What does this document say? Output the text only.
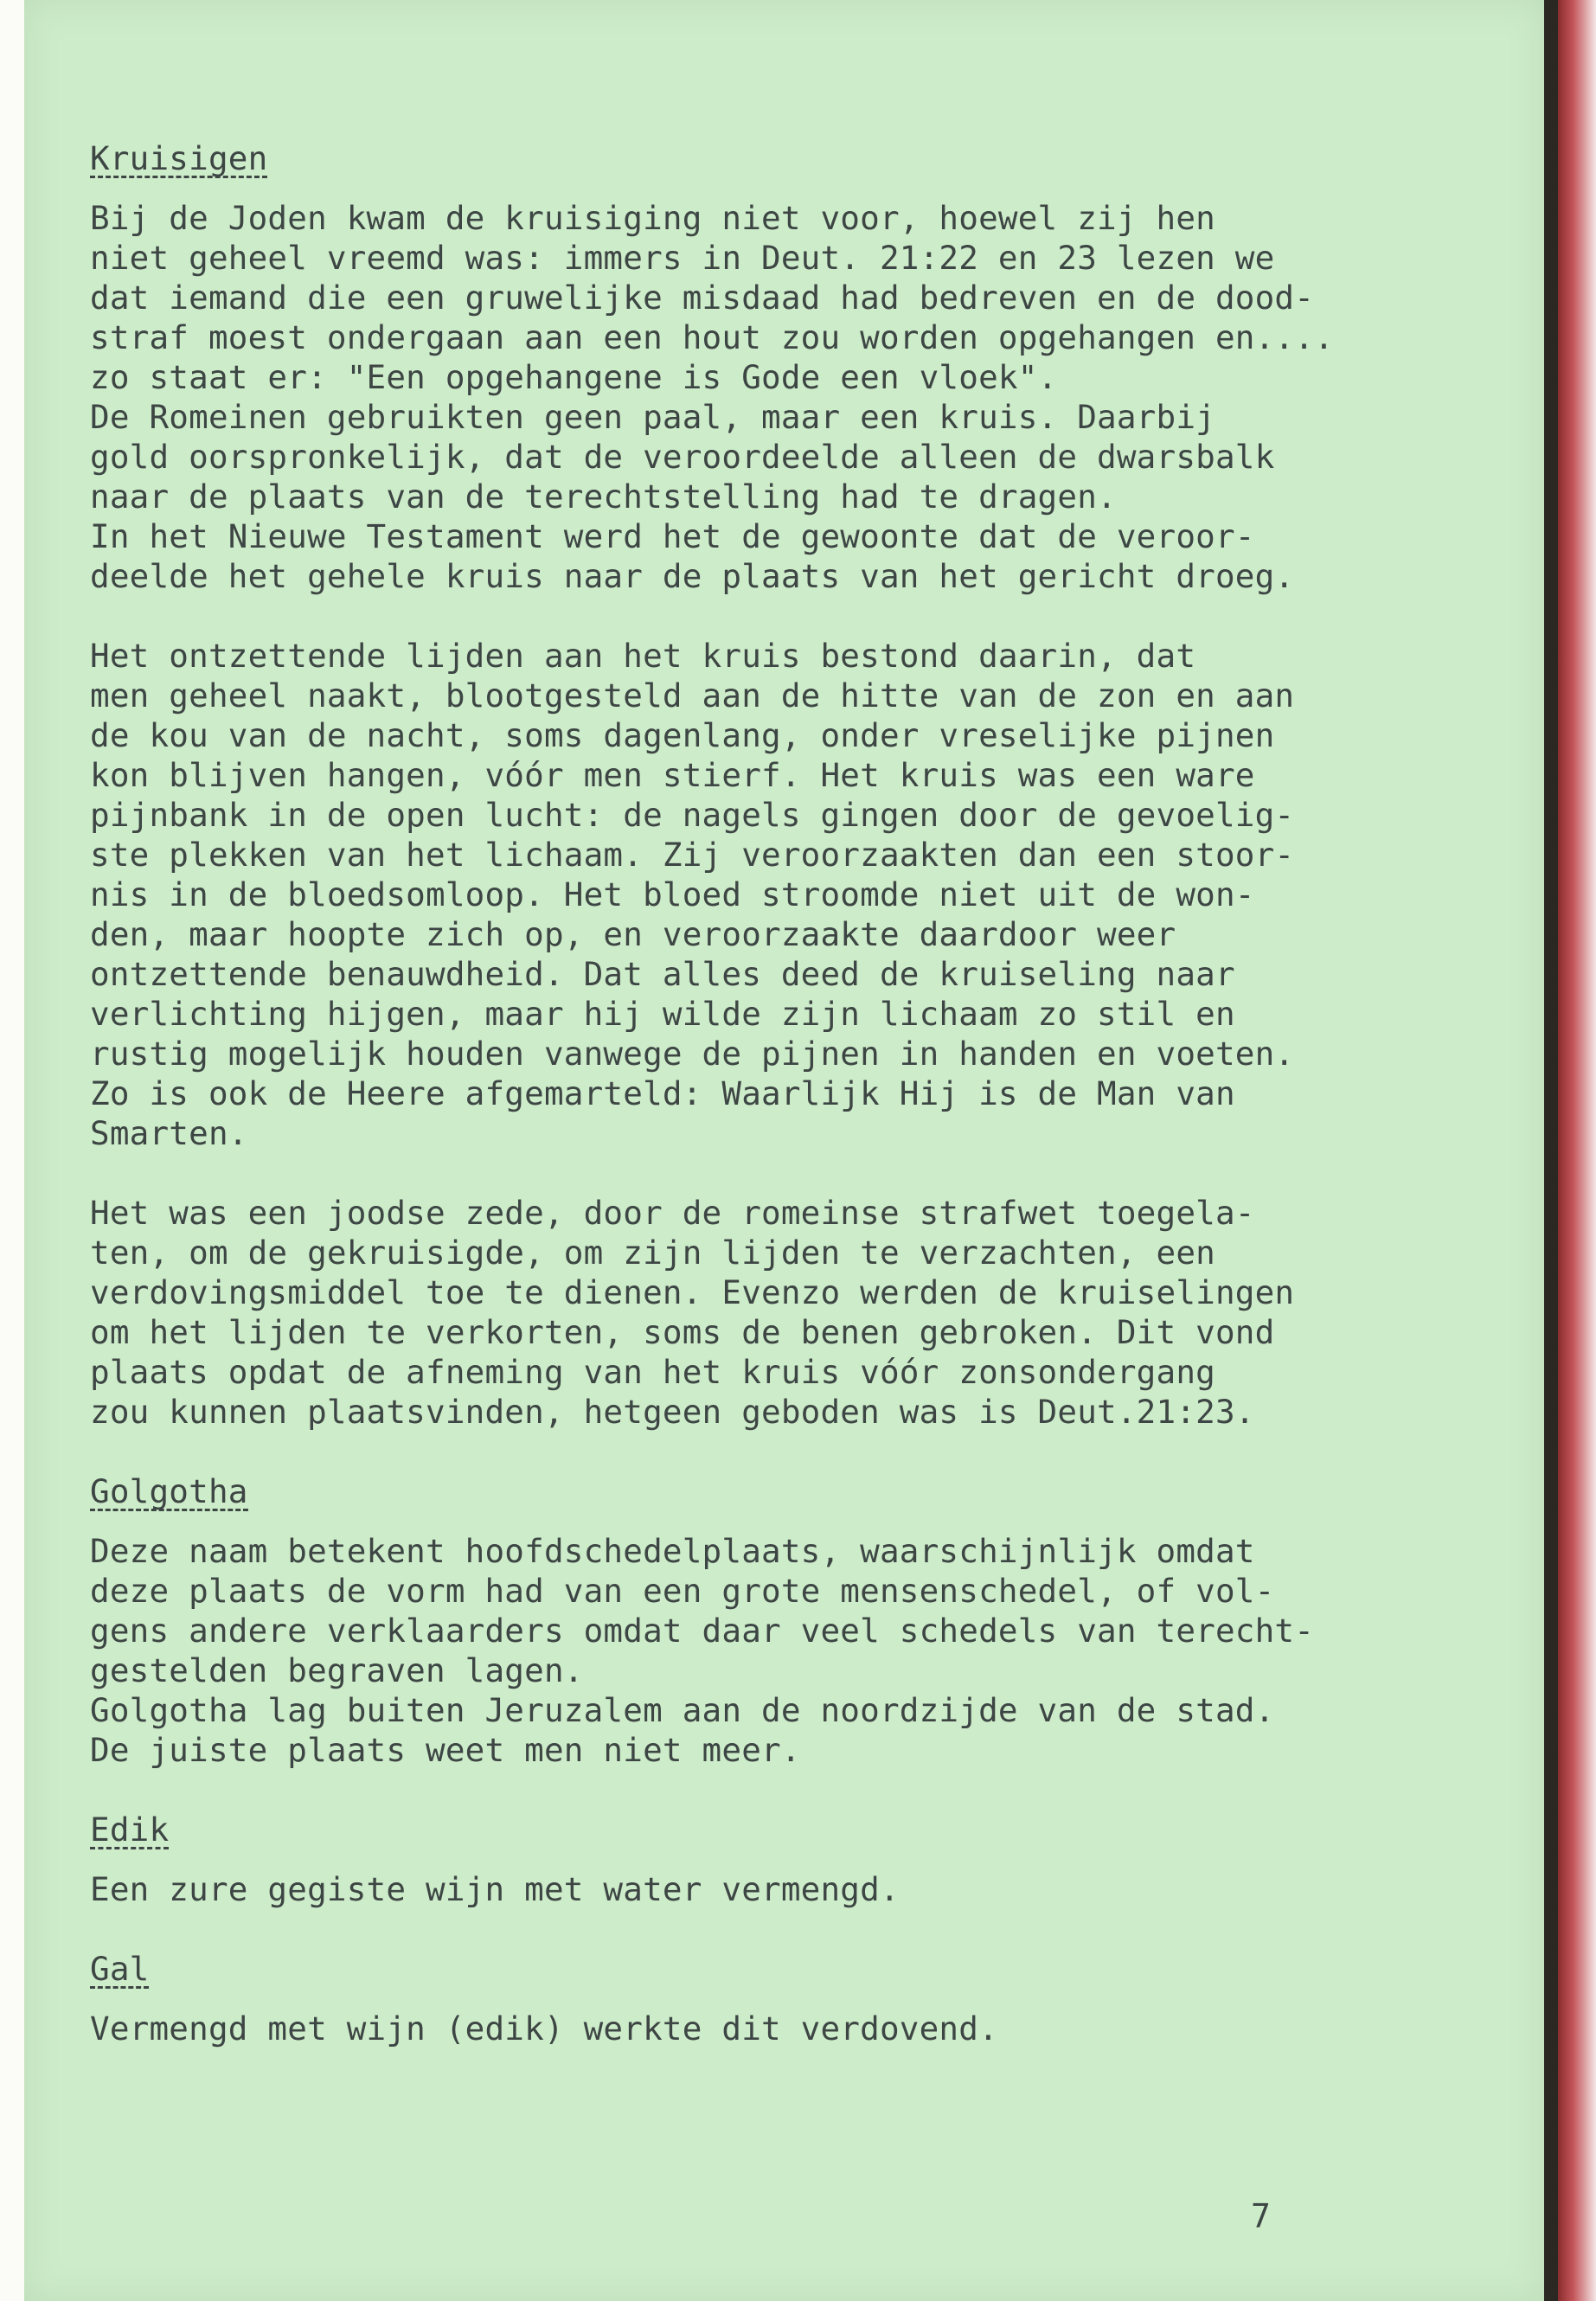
Kruisigen
Bij de Joden kwam de kruisiging niet voor, hoewel zij hen
niet geheel vreemd was: immers in Deut. 21:22 en 23 lezen we
dat iemand die een gruwelijke misdaad had bedreven en de dood-
straf moest ondergaan aan een hout zou worden opgehangen en....
zo staat er: "Een opgehangene is Gode een vloek".
De Romeinen gebruikten geen paal, maar een kruis. Daarbij
gold oorspronkelijk, dat de veroordeelde alleen de dwarsbalk
naar de plaats van de terechtstelling had te dragen.
In het Nieuwe Testament werd het de gewoonte dat de veroor-
deelde het gehele kruis naar de plaats van het gericht droeg.
Het ontzettende lijden aan het kruis bestond daarin, dat
men geheel naakt, blootgesteld aan de hitte van de zon en aan
de kou van de nacht, soms dagenlang, onder vreselijke pijnen
kon blijven hangen, vóór men stierf. Het kruis was een ware
pijnbank in de open lucht: de nagels gingen door de gevoelig-
ste plekken van het lichaam. Zij veroorzaakten dan een stoor-
nis in de bloedsomloop. Het bloed stroomde niet uit de won-
den, maar hoopte zich op, en veroorzaakte daardoor weer
ontzettende benauwdheid. Dat alles deed de kruiseling naar
verlichting hijgen, maar hij wilde zijn lichaam zo stil en
rustig mogelijk houden vanwege de pijnen in handen en voeten.
Zo is ook de Heere afgemarteld: Waarlijk Hij is de Man van
Smarten.
Het was een joodse zede, door de romeinse strafwet toegela-
ten, om de gekruisigde, om zijn lijden te verzachten, een
verdovingsmiddel toe te dienen. Evenzo werden de kruiselingen
om het lijden te verkorten, soms de benen gebroken. Dit vond
plaats opdat de afneming van het kruis vóór zonsondergang
zou kunnen plaatsvinden, hetgeen geboden was is Deut.21:23.
Golgotha
Deze naam betekent hoofdschedelplaats, waarschijnlijk omdat
deze plaats de vorm had van een grote mensenschedel, of vol-
gens andere verklaarders omdat daar veel schedels van terecht-
gestelden begraven lagen.
Golgotha lag buiten Jeruzalem aan de noordzijde van de stad.
De juiste plaats weet men niet meer.
Edik
Een zure gegiste wijn met water vermengd.
Gal
Vermengd met wijn (edik) werkte dit verdovend.
7
